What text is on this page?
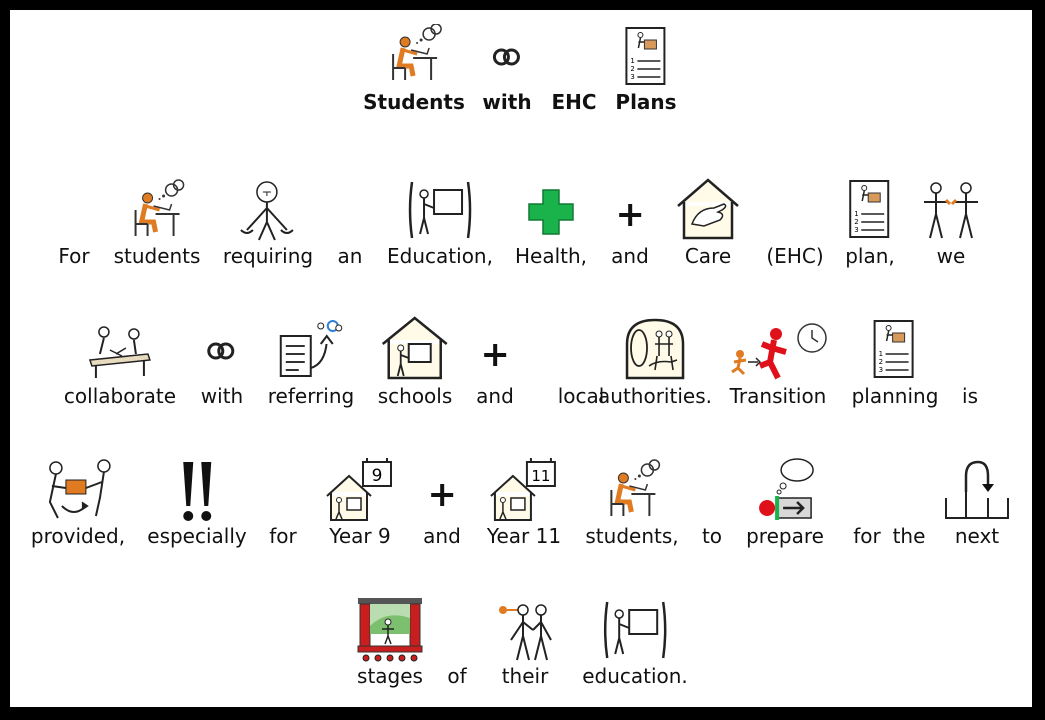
Students with EHC Plans
For students requiring an Education, Health, and Care (EHC) plan, we
collaborate with referring schools and local
authorities. Transition planning is
provided, especially for
9
Year 9 and
11
Year 11 students, to prepare for the next
stages of their education.
